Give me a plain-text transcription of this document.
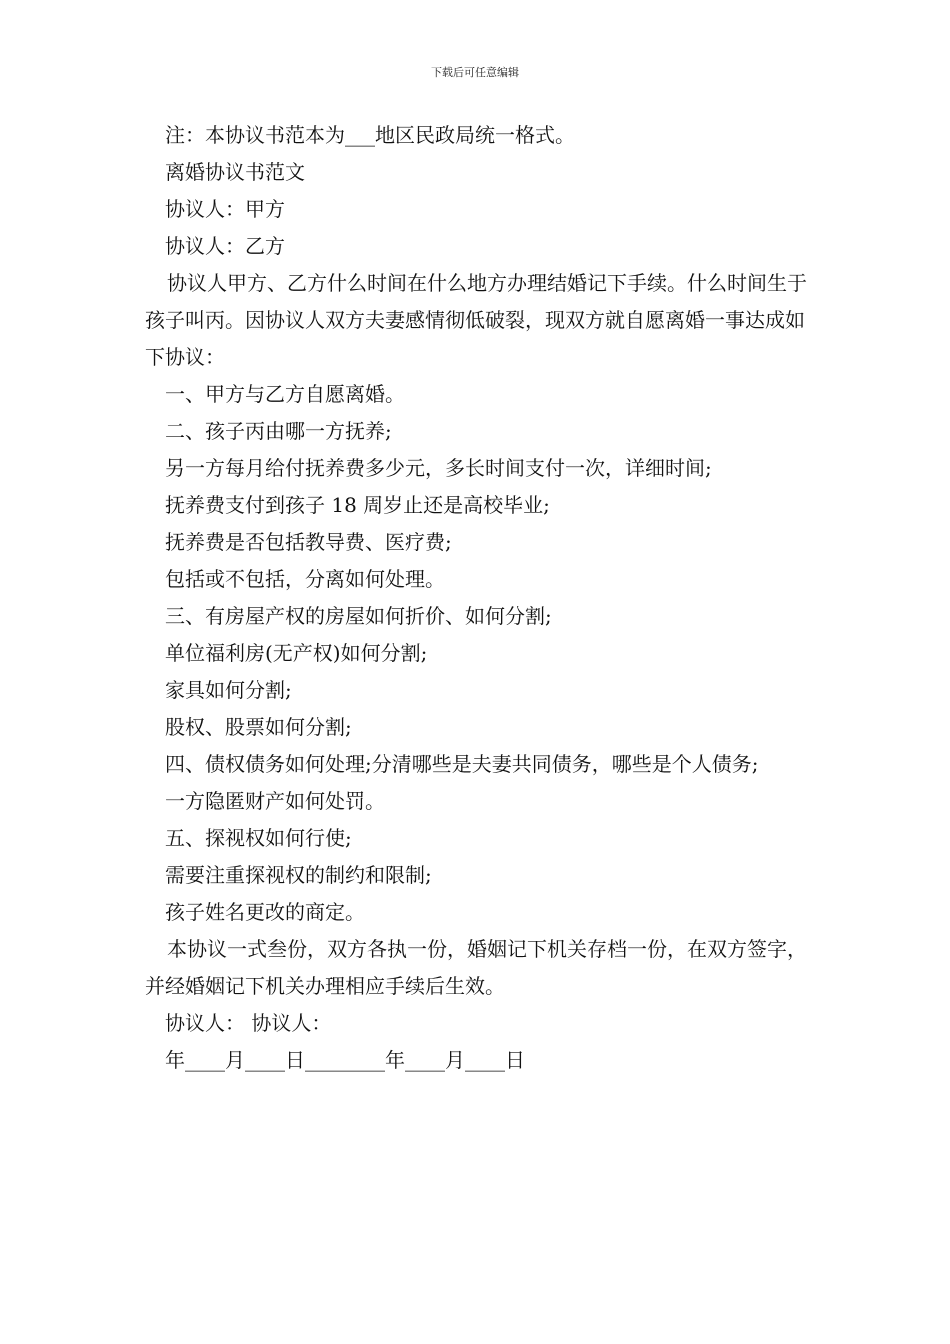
下载后可任意编辑

注：本协议书范本为___地区民政局统一格式。

离婚协议书范文

协议人：甲方

协议人：乙方

协议人甲方、乙方什么时间在什么地方办理结婚记下手续。什么时间生于孩子叫丙。因协议人双方夫妻感情彻低破裂，现双方就自愿离婚一事达成如下协议：

一、甲方与乙方自愿离婚。

二、孩子丙由哪一方抚养;

另一方每月给付抚养费多少元，多长时间支付一次，详细时间;

抚养费支付到孩子 18 周岁止还是高校毕业;

抚养费是否包括教导费、医疗费;

包括或不包括，分离如何处理。

三、有房屋产权的房屋如何折价、如何分割;

单位福利房(无产权)如何分割;

家具如何分割;

股权、股票如何分割;

四、债权债务如何处理;分清哪些是夫妻共同债务，哪些是个人债务;

一方隐匿财产如何处罚。

五、探视权如何行使;

需要注重探视权的制约和限制;

孩子姓名更改的商定。

本协议一式叁份，双方各执一份，婚姻记下机关存档一份，在双方签字，并经婚姻记下机关办理相应手续后生效。

协议人： 协议人：

年____月____日________年____月____日
